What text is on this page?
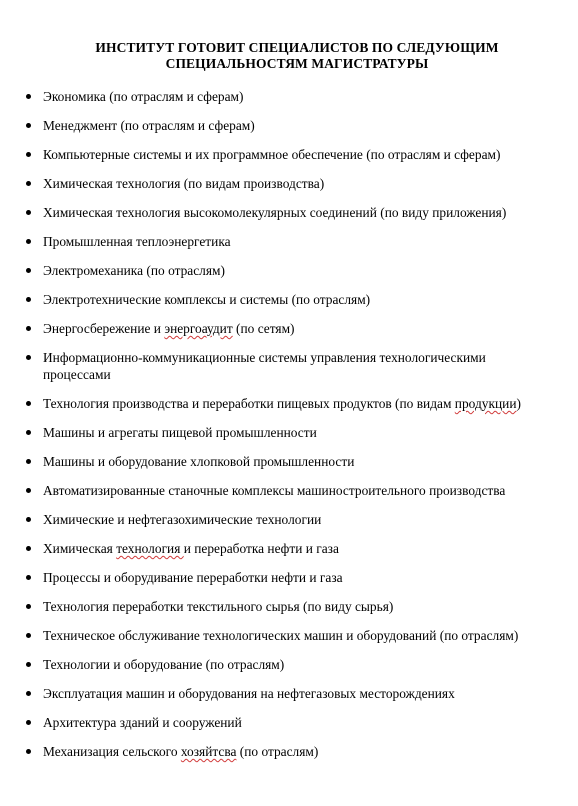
ИНСТИТУТ ГОТОВИТ СПЕЦИАЛИСТОВ ПО СЛЕДУЮЩИМ
СПЕЦИАЛЬНОСТЯМ МАГИСТРАТУРЫ
Экономика (по отраслям и сферам)
Менеджмент (по отраслям и сферам)
Компьютерные системы и их программное обеспечение (по отраслям и сферам)
Химическая технология (по видам производства)
Химическая технология высокомолекулярных соединений (по виду приложения)
Промышленная теплоэнергетика
Электромеханика (по отраслям)
Электротехнические комплексы и системы (по отраслям)
Энергосбережение и энергоаудит (по сетям)
Информационно-коммуникационные системы управления технологическими
процессами
Технология производства и переработки пищевых продуктов (по видам продукции)
Машины и агрегаты пищевой промышленности
Машины и оборудование хлопковой промышленности
Автоматизированные станочные комплексы машиностроительного производства
Химические и нефтегазохимические технологии
Химическая технология и переработка нефти и газа
Процессы и оборудивание переработки нефти и газа
Технология переработки текстильного сырья (по виду сырья)
Техническое обслуживание технологических машин и оборудований (по отраслям)
Технологии и оборудование (по отраслям)
Эксплуатация машин и оборудования на нефтегазовых месторождениях
Архитектура зданий и сооружений
Механизация сельского хозяйтсва (по отраслям)
